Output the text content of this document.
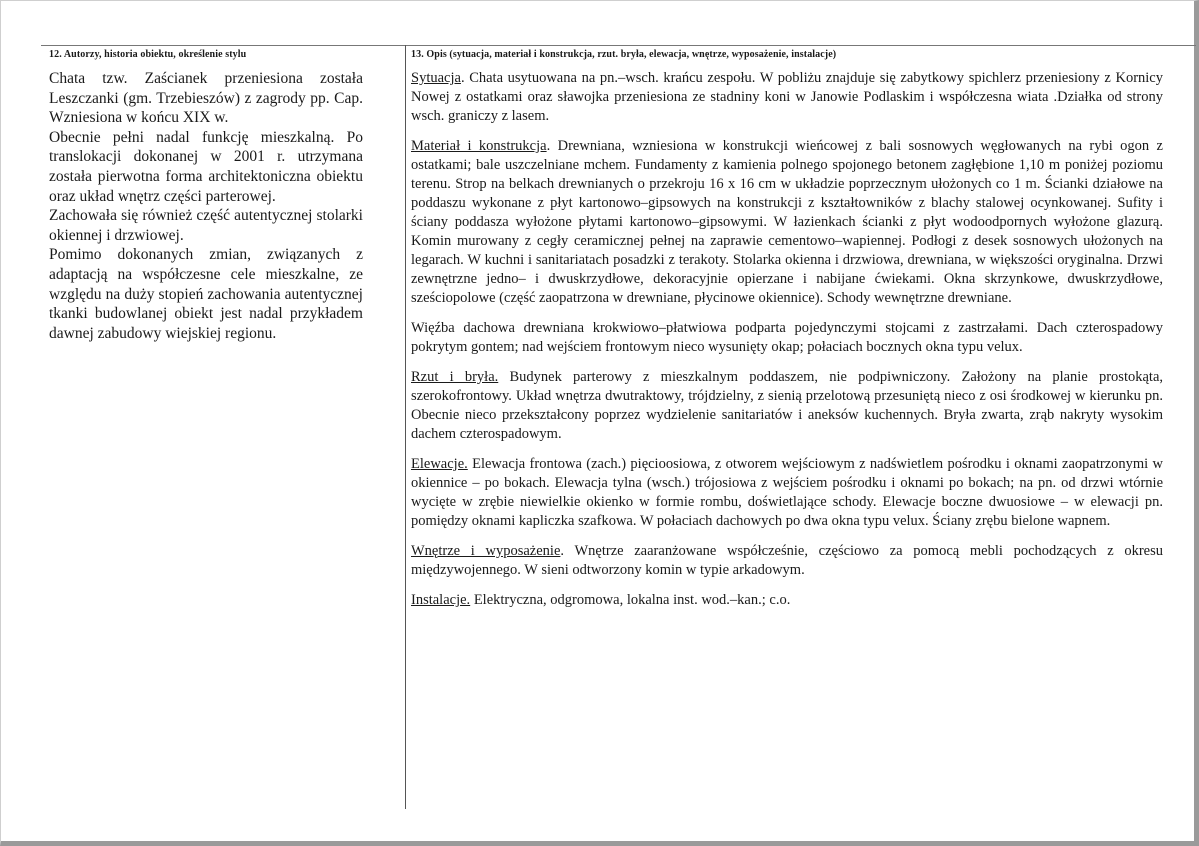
12. Autorzy, historia obiektu, określenie stylu

Chata tzw. Zaścianek przeniesiona została Leszczanki (gm. Trzebieszów) z zagrody pp. Cap. Wzniesiona w końcu XIX w.

Obecnie pełni nadal funkcję mieszkalną. Po translokacji dokonanej w 2001 r. utrzymana została pierwotna forma architektoniczna obiektu oraz układ wnętrz części parterowej.

Zachowała się również część autentycznej stolarki okiennej i drzwiowej.

Pomimo dokonanych zmian, związanych z adaptacją na współczesne cele mieszkalne, ze względu na duży stopień zachowania autentycznej tkanki budowlanej obiekt jest nadal przykładem dawnej zabudowy wiejskiej regionu.

13. Opis (sytuacja, materiał i konstrukcja, rzut. bryła, elewacja, wnętrze, wyposażenie, instalacje)

Sytuacja. Chata usytuowana na pn.–wsch. krańcu zespołu. W pobliżu znajduje się zabytkowy spichlerz przeniesiony z Kornicy Nowej z ostatkami oraz sławojka przeniesiona ze stadniny koni w Janowie Podlaskim i współczesna wiata .Działka od strony wsch. graniczy z lasem.

Materiał i konstrukcja. Drewniana, wzniesiona w konstrukcji wieńcowej z bali sosnowych węgłowanych na rybi ogon z ostatkami; bale uszczelniane mchem. Fundamenty z kamienia polnego spojonego betonem zagłębione 1,10 m poniżej poziomu terenu. Strop na belkach drewnianych o przekroju 16 x 16 cm w układzie poprzecznym ułożonych co 1 m. Ścianki działowe na poddaszu wykonane z płyt kartonowo–gipsowych na konstrukcji z kształtowników z blachy stalowej ocynkowanej. Sufity i ściany poddasza wyłożone płytami kartonowo–gipsowymi. W łazienkach ścianki z płyt wodoodpornych wyłożone glazurą. Komin murowany z cegły ceramicznej pełnej na zaprawie cementowo–wapiennej. Podłogi z desek sosnowych ułożonych na legarach. W kuchni i sanitariatach posadzki z terakoty. Stolarka okienna i drzwiowa, drewniana, w większości oryginalna. Drzwi zewnętrzne jedno– i dwuskrzydłowe, dekoracyjnie opierzane i nabijane ćwiekami. Okna skrzynkowe, dwuskrzydłowe, sześciopolowe (część zaopatrzona w drewniane, płycinowe okiennice). Schody wewnętrzne drewniane.

Więźba dachowa drewniana krokwiowo–płatwiowa podparta pojedynczymi stojcami z zastrzałami. Dach czterospadowy pokrytym gontem; nad wejściem frontowym nieco wysunięty okap; połaciach bocznych okna typu velux.

Rzut i bryła. Budynek parterowy z mieszkalnym poddaszem, nie podpiwniczony. Założony na planie prostokąta, szerokofrontowy. Układ wnętrza dwutraktowy, trójdzielny, z sienią przelotową przesuniętą nieco z osi środkowej w kierunku pn. Obecnie nieco przekształcony poprzez wydzielenie sanitariatów i aneksów kuchennych. Bryła zwarta, zrąb nakryty wysokim dachem czterospadowym.

Elewacje. Elewacja frontowa (zach.) pięcioosiowa, z otworem wejściowym z nadświetlem pośrodku i oknami zaopatrzonymi w okiennice – po bokach. Elewacja tylna (wsch.) trójosiowa z wejściem pośrodku i oknami po bokach; na pn. od drzwi wtórnie wycięte w zrębie niewielkie okienko w formie rombu, doświetlające schody. Elewacje boczne dwuosiowe – w elewacji pn. pomiędzy oknami kapliczka szafkowa. W połaciach dachowych po dwa okna typu velux. Ściany zrębu bielone wapnem.

Wnętrze i wyposażenie. Wnętrze zaaranżowane współcześnie, częściowo za pomocą mebli pochodzących z okresu międzywojennego. W sieni odtworzony komin w typie arkadowym.

Instalacje. Elektryczna, odgromowa, lokalna inst. wod.–kan.; c.o.
